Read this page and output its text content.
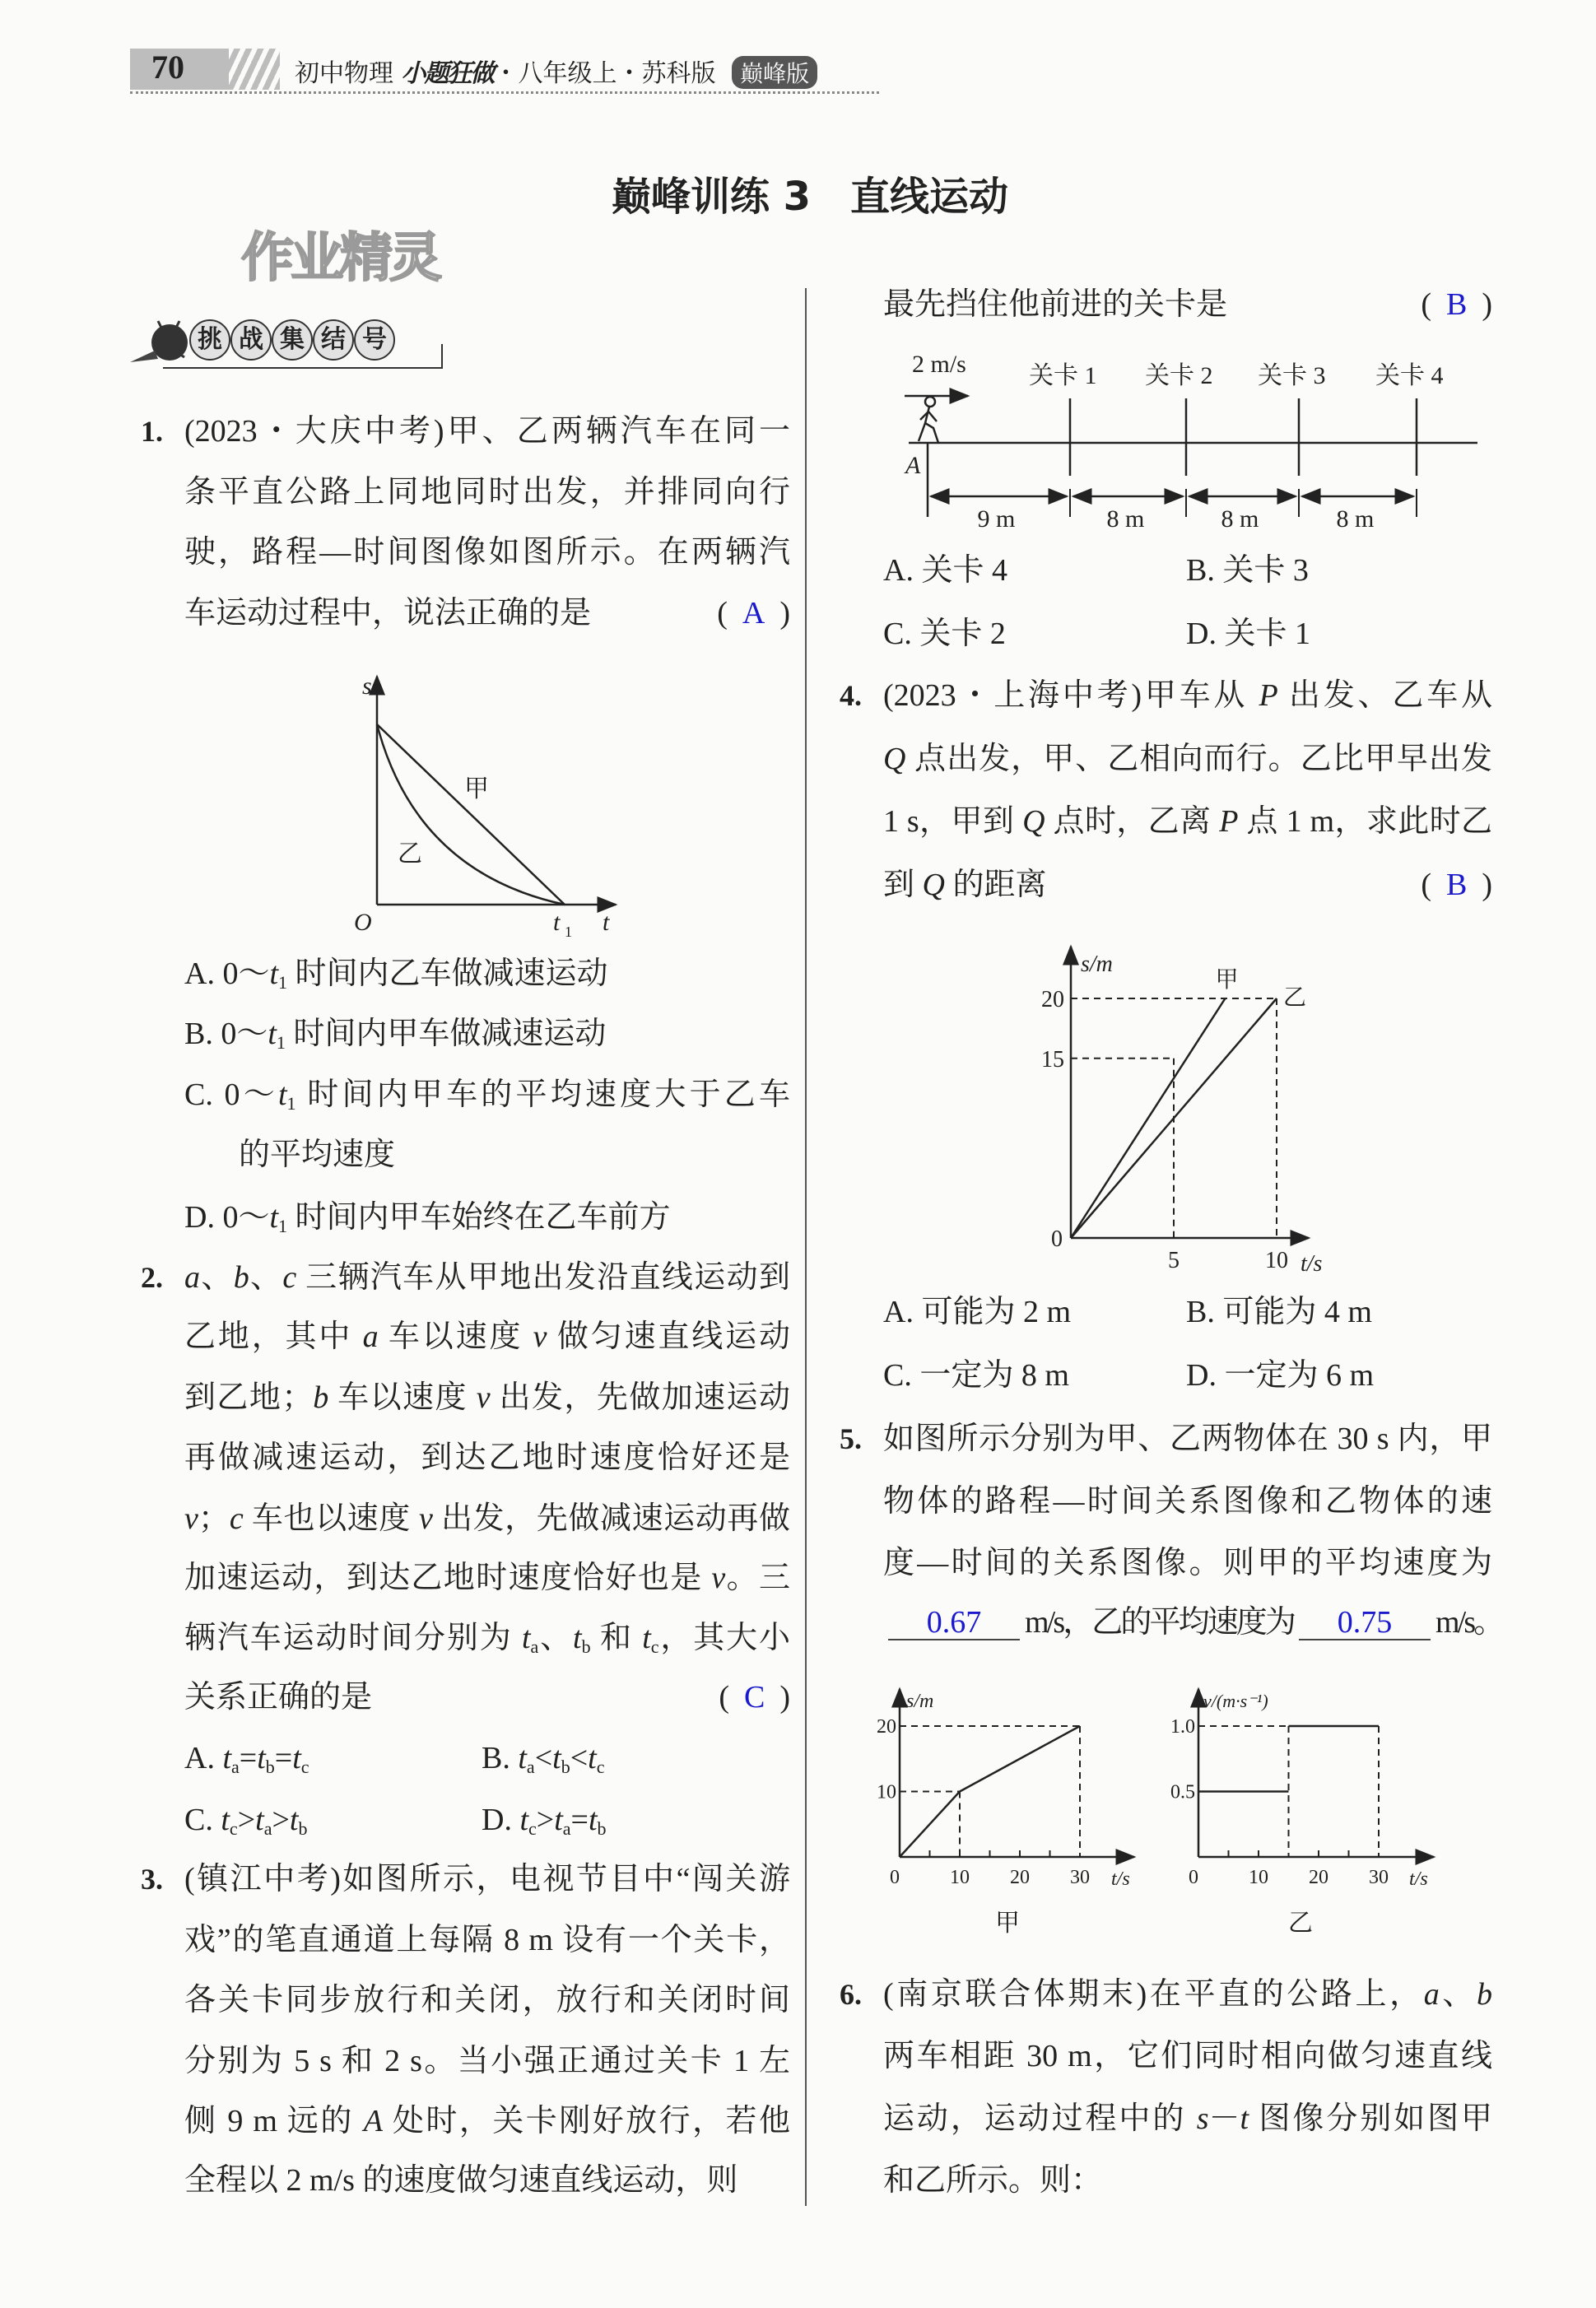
70	初中物理 小题狂做・八年级上・苏科版 巅峰版
巅峰训练 3　直线运动
作业精灵
挑 战 集 结 号
1. (2023・大庆中考)甲、乙两辆汽车在同一
条平直公路上同地同时出发，并排同向行
驶，路程—时间图像如图所示。在两辆汽
车运动过程中，说法正确的是	( A )
2. a、b、c 三辆汽车从甲地出发沿直线运动到
乙地，其中 a 车以速度 v 做匀速直线运动
到乙地；b 车以速度 v 出发，先做加速运动
再做减速运动，到达乙地时速度恰好还是
v；c 车也以速度 v 出发，先做减速运动再做
加速运动，到达乙地时速度恰好也是 v。三
辆汽车运动时间分别为 $t_a$、$t_b$ 和 $t_c$，其大小
关系正确的是	( C )
3. (镇江中考)如图所示，电视节目中“闯关游
戏”的笔直通道上每隔 8 m 设有一个关卡，
各关卡同步放行和关闭，放行和关闭时间
分别为 5 s 和 2 s。当小强正通过关卡 1 左
侧 9 m 远的 A 处时，关卡刚好放行，若他
全程以 2 m/s 的速度做匀速直线运动，则
最先挡住他前进的关卡是	( B )
4. (2023・上海中考)甲车从 P 出发、乙车从
Q 点出发，甲、乙相向而行。乙比甲早出发
1 s，甲到 Q 点时，乙离 P 点 1 m，求此时乙
到 Q 的距离	( B )
5. 如图所示分别为甲、乙两物体在 30 s 内，甲
物体的路程—时间关系图像和乙物体的速
度—时间的关系图像。则甲的平均速度为
0.67 m/s，乙的平均速度为 0.75 m/s。
6. (南京联合体期末)在平直的公路上，a、b
两车相距 30 m，它们同时相向做匀速直线
运动，运动过程中的 s－t 图像分别如图甲
和乙所示。则：
A. $0\sim t_1$ 时间内乙车做减速运动
B. $0\sim t_1$ 时间内甲车做减速运动
C. $0\sim t_1$ 时间内甲车的平均速度大于乙车
的平均速度
D. $0\sim t_1$ 时间内甲车始终在乙车前方
A. $t_a=t_b=t_c$	B. $t_a<t_b<t_c$
C. $t_c>t_a>t_b$	D. $t_c>t_a=t_b$
A. 关卡 4	B. 关卡 3
C. 关卡 2	D. 关卡 1
A. 可能为 2 m	B. 可能为 4 m
C. 一定为 8 m	D. 一定为 6 m
s
O	t 1 t
甲
乙
关卡 1
9 m
关卡 2
8 m
关卡 3
8 m
关卡 4
8 m
2 m/s
A
甲
乙
s/m
20
15
0
5	10 t/s
s/m
20
10
0	10 20 30 t/s
甲
v/(m·s⁻¹)
1.0
0.5
0	10 20 30 t/s
乙
